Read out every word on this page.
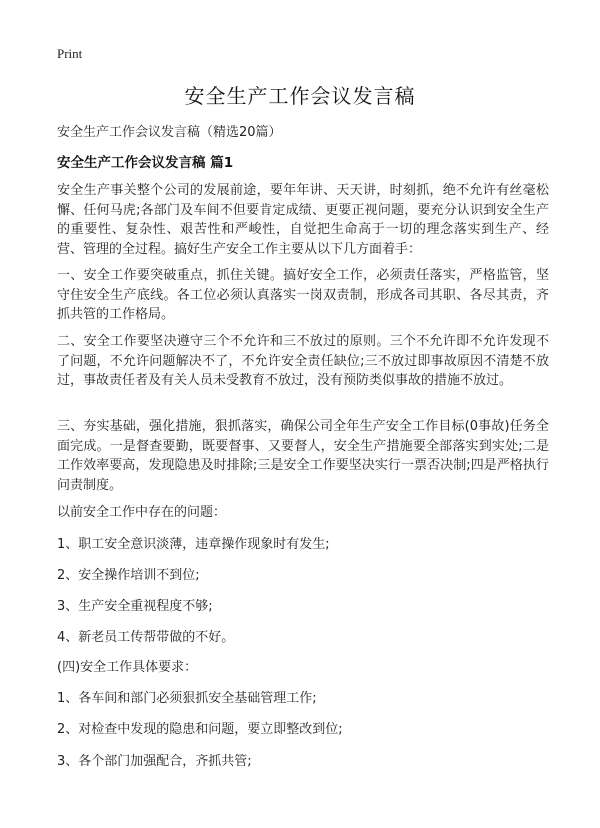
Print
安全生产工作会议发言稿
安全生产工作会议发言稿（精选20篇）
安全生产工作会议发言稿 篇1

安全生产事关整个公司的发展前途，要年年讲、天天讲，时刻抓，绝不允许有丝毫松懈、任何马虎;各部门及车间不但要肯定成绩、更要正视问题，要充分认识到安全生产的重要性、复杂性、艰苦性和严峻性，自觉把生命高于一切的理念落实到生产、经营、管理的全过程。搞好生产安全工作主要从以下几方面着手：

一、安全工作要突破重点，抓住关键。搞好安全工作，必须责任落实，严格监管，坚守住安全生产底线。各工位必须认真落实一岗双责制，形成各司其职、各尽其责，齐抓共管的工作格局。

二、安全工作要坚决遵守三个不允许和三不放过的原则。三个不允许即不允许发现不了问题，不允许问题解决不了，不允许安全责任缺位;三不放过即事故原因不清楚不放过，事故责任者及有关人员未受教育不放过，没有预防类似事故的措施不放过。

三、夯实基础，强化措施，狠抓落实，确保公司全年生产安全工作目标(0事故)任务全面完成。一是督查要勤，既要督事、又要督人，安全生产措施要全部落实到实处;二是工作效率要高，发现隐患及时排除;三是安全工作要坚决实行一票否决制;四是严格执行问责制度。

以前安全工作中存在的问题：

1、职工安全意识淡薄，违章操作现象时有发生;

2、安全操作培训不到位;

3、生产安全重视程度不够;

4、新老员工传帮带做的不好。

(四)安全工作具体要求：

1、各车间和部门必须狠抓安全基础管理工作;

2、对检查中发现的隐患和问题，要立即整改到位;

3、各个部门加强配合，齐抓共管;
